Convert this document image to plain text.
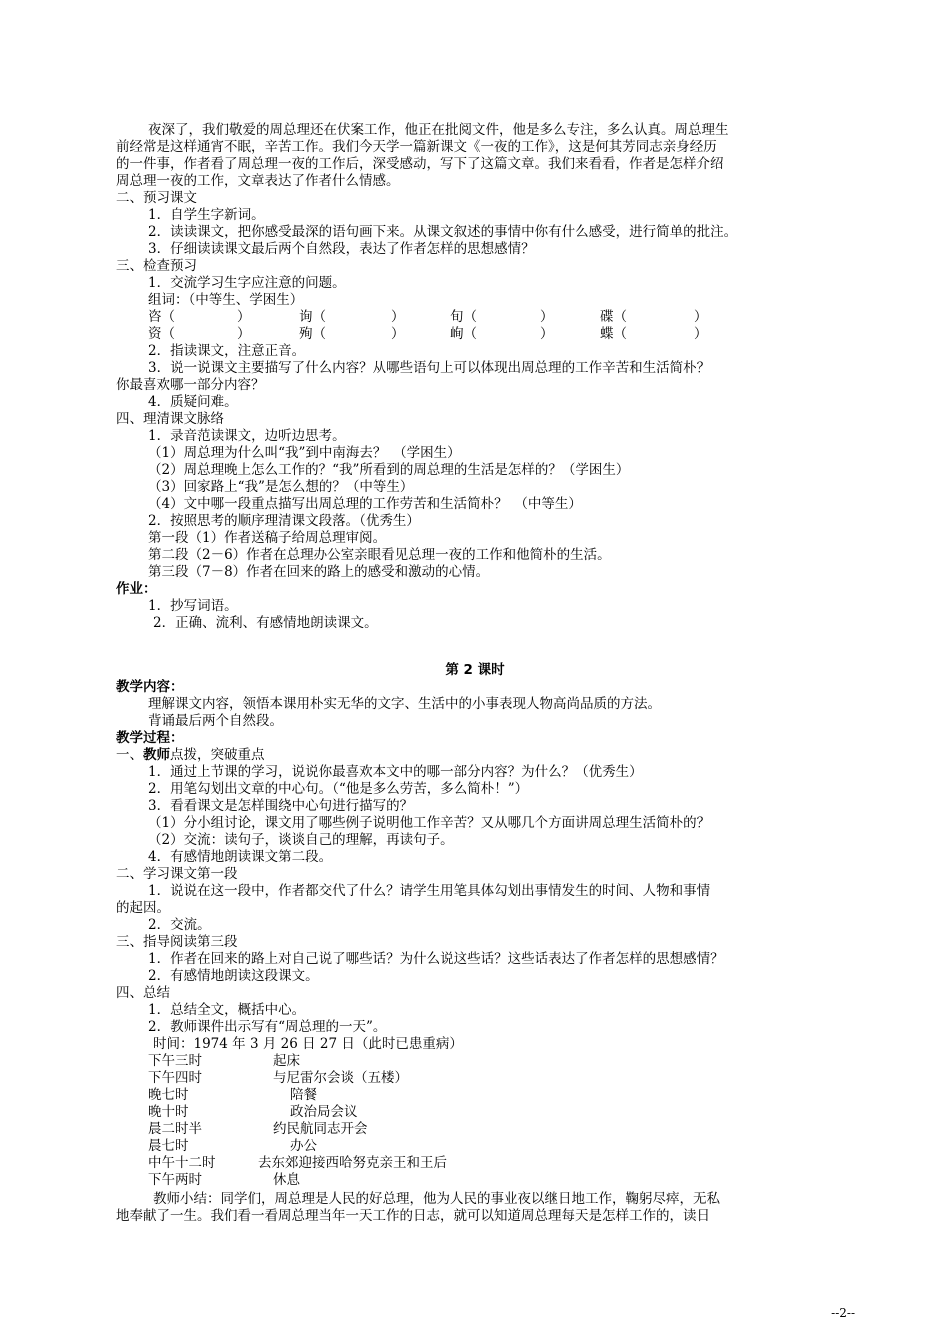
夜深了，我们敬爱的周总理还在伏案工作，他正在批阅文件，他是多么专注，多么认真。周总理生
前经常是这样通宵不眠，辛苦工作。我们今天学一篇新课文《一夜的工作》，这是何其芳同志亲身经历
的一件事，作者看了周总理一夜的工作后，深受感动，写下了这篇文章。我们来看看，作者是怎样介绍
周总理一夜的工作，文章表达了作者什么情感。
二、预习课文
1．自学生字新词。
2．读读课文，把你感受最深的语句画下来。从课文叙述的事情中你有什么感受，进行简单的批注。
3．仔细读读课文最后两个自然段，表达了作者怎样的思想感情？
三、检查预习
1．交流学习生字应注意的问题。
组词：（中等生、学困生）
咨（	）	询（	）	旬（	）	碟（	）
资（	）	殉（	）	峋（	）	蝶（	）
2．指读课文，注意正音。
3．说一说课文主要描写了什么内容？从哪些语句上可以体现出周总理的工作辛苦和生活简朴？
你最喜欢哪一部分内容？
4．质疑问难。
四、理清课文脉络
1．录音范读课文，边听边思考。
（1）周总理为什么叫“我”到中南海去？　（学困生）
（2）周总理晚上怎么工作的？“我”所看到的周总理的生活是怎样的？（学困生）
（3）回家路上“我”是怎么想的？（中等生）
（4）文中哪一段重点描写出周总理的工作劳苦和生活简朴？　（中等生）
2．按照思考的顺序理清课文段落。（优秀生）
第一段（1）作者送稿子给周总理审阅。
第二段（2－6）作者在总理办公室亲眼看见总理一夜的工作和他简朴的生活。
第三段（7－8）作者在回来的路上的感受和激动的心情。
作业：
1．抄写词语。
2．正确、流利、有感情地朗读课文。
第 2 课时
教学内容：
理解课文内容，领悟本课用朴实无华的文字、生活中的小事表现人物高尚品质的方法。
背诵最后两个自然段。
教学过程：
一、教师点拨，突破重点
1．通过上节课的学习，说说你最喜欢本文中的哪一部分内容？为什么？（优秀生）
2．用笔勾划出文章的中心句。（“他是多么劳苦，多么简朴！”）
3．看看课文是怎样围绕中心句进行描写的？
（1）分小组讨论，课文用了哪些例子说明他工作辛苦？又从哪几个方面讲周总理生活简朴的？
（2）交流：读句子，谈谈自己的理解，再读句子。
4．有感情地朗读课文第二段。
二、学习课文第一段
1．说说在这一段中，作者都交代了什么？请学生用笔具体勾划出事情发生的时间、人物和事情
的起因。
2．交流。
三、指导阅读第三段
1．作者在回来的路上对自己说了哪些话？为什么说这些话？这些话表达了作者怎样的思想感情？
2．有感情地朗读这段课文。
四、总结
1．总结全文，概括中心。
2．教师课件出示写有“周总理的一天”。
时间：1974 年 3 月 26 日 27 日（此时已患重病）
下午三时	起床
下午四时	与尼雷尔会谈（五楼）
晚七时	陪餐
晚十时	政治局会议
晨二时半	约民航同志开会
晨七时	办公
中午十二时	去东郊迎接西哈努克亲王和王后
下午两时	休息
教师小结：同学们，周总理是人民的好总理，他为人民的事业夜以继日地工作，鞠躬尽瘁，无私
地奉献了一生。我们看一看周总理当年一天工作的日志，就可以知道周总理每天是怎样工作的，读日
--2--
